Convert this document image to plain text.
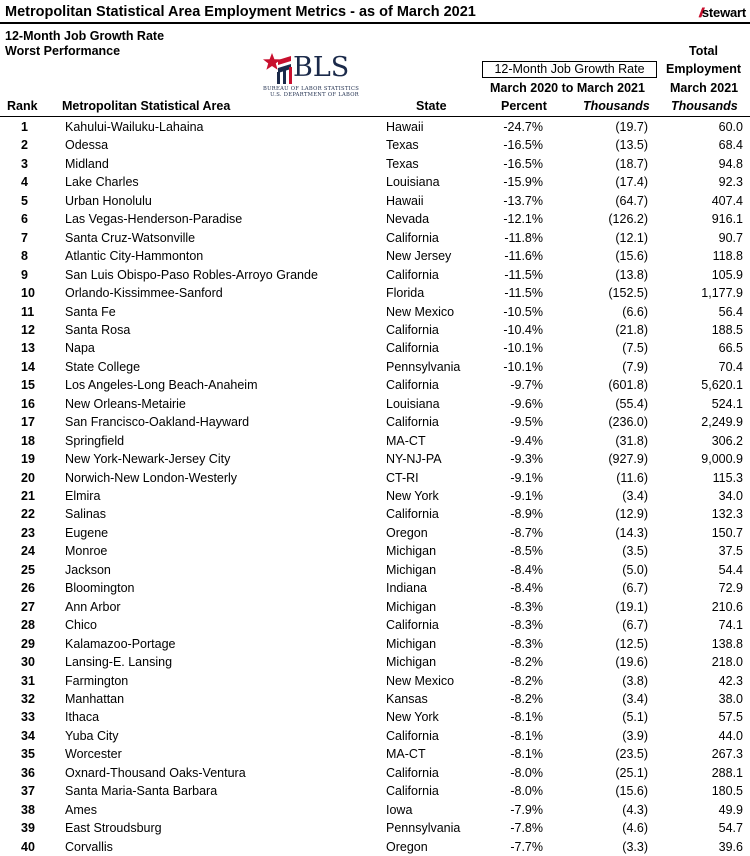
Metropolitan Statistical Area Employment Metrics - as of March 2021	///stewart
12-Month Job Growth Rate
Worst Performance
BLS
BUREAU OF LABOR STATISTICS
U.S. DEPARTMENT OF LABOR
Rank Metropolitan Statistical Area	State
12-Month Job Growth Rate
March 2020 to March 2021
Percent	Thousands
Total
Employment
March 2021
Thousands
1	Kahului-Wailuku-Lahaina	Hawaii	-24.7%	(19.7)	60.0
2	Odessa	Texas	-16.5%	(13.5)	68.4
3	Midland	Texas	-16.5%	(18.7)	94.8
4	Lake Charles	Louisiana	-15.9%	(17.4)	92.3
5	Urban Honolulu	Hawaii	-13.7%	(64.7)	407.4
6	Las Vegas-Henderson-Paradise	Nevada	-12.1%	(126.2)	916.1
7	Santa Cruz-Watsonville	California	-11.8%	(12.1)	90.7
8	Atlantic City-Hammonton	New Jersey	-11.6%	(15.6)	118.8
9	San Luis Obispo-Paso Robles-Arroyo Grande	California	-11.5%	(13.8)	105.9
10	Orlando-Kissimmee-Sanford	Florida	-11.5%	(152.5)	1,177.9
11	Santa Fe	New Mexico	-10.5%	(6.6)	56.4
12	Santa Rosa	California	-10.4%	(21.8)	188.5
13	Napa	California	-10.1%	(7.5)	66.5
14	State College	Pennsylvania	-10.1%	(7.9)	70.4
15	Los Angeles-Long Beach-Anaheim	California	-9.7%	(601.8)	5,620.1
16	New Orleans-Metairie	Louisiana	-9.6%	(55.4)	524.1
17	San Francisco-Oakland-Hayward	California	-9.5%	(236.0)	2,249.9
18	Springfield	MA-CT	-9.4%	(31.8)	306.2
19	New York-Newark-Jersey City	NY-NJ-PA	-9.3%	(927.9)	9,000.9
20	Norwich-New London-Westerly	CT-RI	-9.1%	(11.6)	115.3
21	Elmira	New York	-9.1%	(3.4)	34.0
22	Salinas	California	-8.9%	(12.9)	132.3
23	Eugene	Oregon	-8.7%	(14.3)	150.7
24	Monroe	Michigan	-8.5%	(3.5)	37.5
25	Jackson	Michigan	-8.4%	(5.0)	54.4
26	Bloomington	Indiana	-8.4%	(6.7)	72.9
27	Ann Arbor	Michigan	-8.3%	(19.1)	210.6
28	Chico	California	-8.3%	(6.7)	74.1
29	Kalamazoo-Portage	Michigan	-8.3%	(12.5)	138.8
30	Lansing-E. Lansing	Michigan	-8.2%	(19.6)	218.0
31	Farmington	New Mexico	-8.2%	(3.8)	42.3
32	Manhattan	Kansas	-8.2%	(3.4)	38.0
33	Ithaca	New York	-8.1%	(5.1)	57.5
34	Yuba City	California	-8.1%	(3.9)	44.0
35	Worcester	MA-CT	-8.1%	(23.5)	267.3
36	Oxnard-Thousand Oaks-Ventura	California	-8.0%	(25.1)	288.1
37	Santa Maria-Santa Barbara	California	-8.0%	(15.6)	180.5
38	Ames	Iowa	-7.9%	(4.3)	49.9
39	East Stroudsburg	Pennsylvania	-7.8%	(4.6)	54.7
40	Corvallis	Oregon	-7.7%	(3.3)	39.6
